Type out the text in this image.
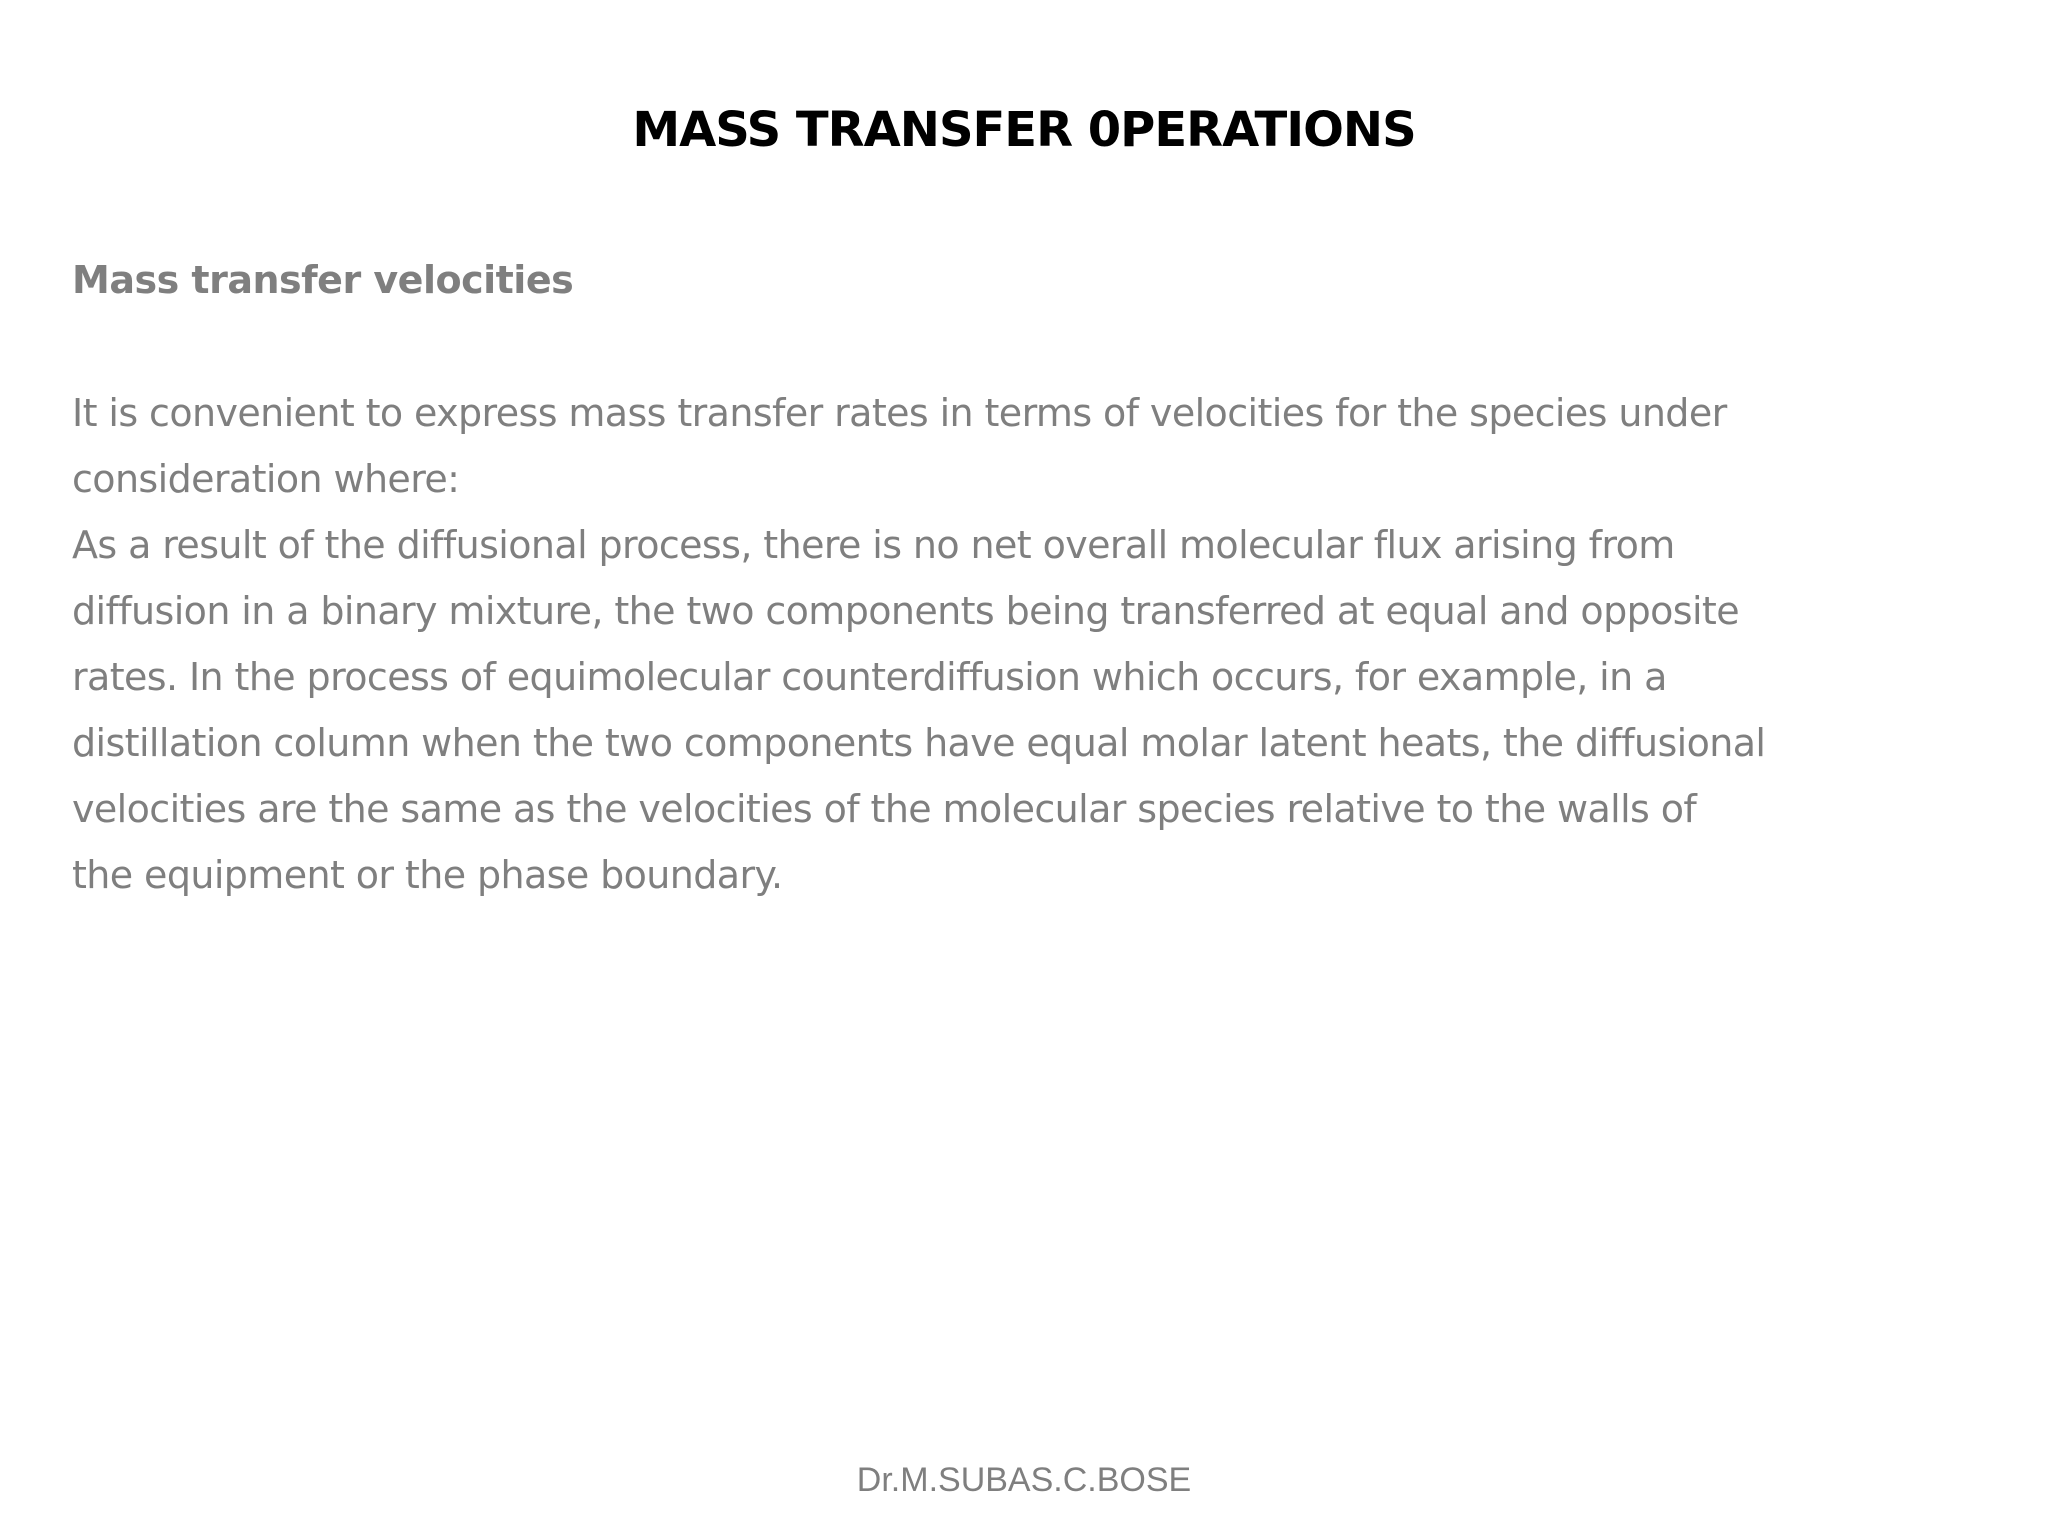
MASS TRANSFER 0PERATIONS
Mass transfer velocities
It is convenient to express mass transfer rates in terms of velocities for the species under
consideration where:
As a result of the diffusional process, there is no net overall molecular flux arising from
diffusion in a binary mixture, the two components being transferred at equal and opposite
rates. In the process of equimolecular counterdiffusion which occurs, for example, in a
distillation column when the two components have equal molar latent heats, the diffusional
velocities are the same as the velocities of the molecular species relative to the walls of
the equipment or the phase boundary.
Dr.M.SUBAS.C.BOSE
